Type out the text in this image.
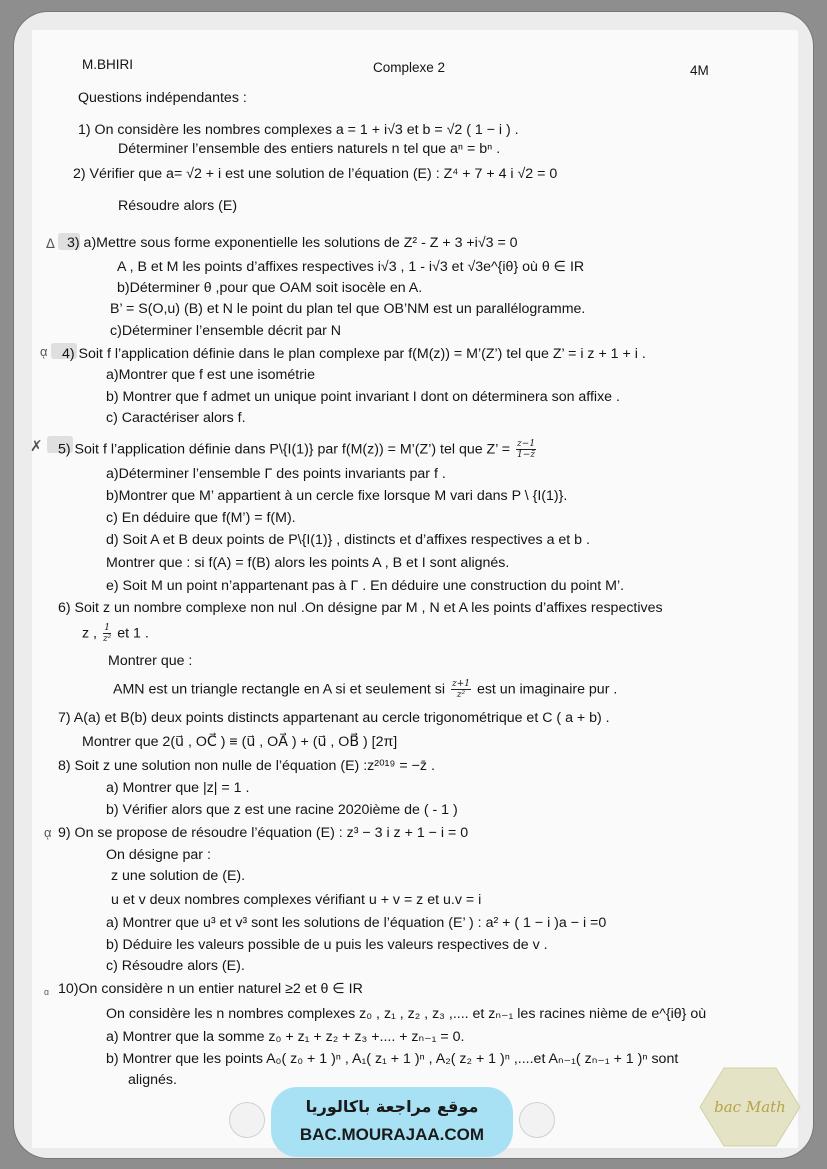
M.BHIRI	Complexe 2	4M
Questions indépendantes :
1) On considère les nombres complexes a = 1 + i√3 et b = √2 ( 1 − i ) .
Déterminer l’ensemble des entiers naturels n tel que aⁿ = bⁿ .
2) Vérifier que a= √2 + i est une solution de l’équation (E) : Z⁴ + 7 + 4 i √2 = 0
Résoudre alors (E)
ᐃ 3) a)Mettre sous forme exponentielle les solutions de Z² - Z + 3 +i√3 = 0
A , B et M les points d’affixes respectives i√3 , 1 - i√3 et √3e^{iθ} où θ ∈ IR
b)Déterminer θ ,pour que OAM soit isocèle en A.
B’ = S(O,u) (B) et N le point du plan tel que OB’NM est un parallélogramme.
c)Déterminer l’ensemble décrit par N
ᾳ 4) Soit f l’application définie dans le plan complexe par f(M(z)) = M’(Z’) tel que Z’ = i z + 1 + i .
a)Montrer que f est une isométrie
b) Montrer que f admet un unique point invariant I dont on déterminera son affixe .
c) Caractériser alors f.
✗ 5) Soit f l’application définie dans P\{I(1)} par f(M(z)) = M’(Z’) tel que Z’ = $\frac{z-1}{1-z̄}$
a)Déterminer l’ensemble Γ des points invariants par f .
b)Montrer que M’ appartient à un cercle fixe lorsque M vari dans P \ {I(1)}.
c) En déduire que f(M’) = f(M).
d) Soit A et B deux points de P\{I(1)} , distincts et d’affixes respectives a et b .
Montrer que : si f(A) = f(B) alors les points A , B et I sont alignés.
e) Soit M un point n’appartenant pas à Γ . En déduire une construction du point M’.
6) Soit z un nombre complexe non nul .On désigne par M , N et A les points d’affixes respectives
z , $\frac{1}{\text{z²}}$ et 1 .
Montrer que :
AMN est un triangle rectangle en A si et seulement si $\frac{z+1}{\text{z²}}$ est un imaginaire pur .
7) A(a) et B(b) deux points distincts appartenant au cercle trigonométrique et C ( a + b) .
Montrer que 2(u⃗ , OC⃗ ) ≡ (u⃗ , OA⃗ ) + (u⃗ , OB⃗ ) [2π]
8) Soit z une solution non nulle de l’équation (E) :z²⁰¹⁹ = −z̄ .
a) Montrer que |z| = 1 .
b) Vérifier alors que z est une racine 2020ième de ( - 1 )
ᾳ 9) On se propose de résoudre l’équation (E) : z³ − 3 i z + 1 − i = 0
On désigne par :
z une solution de (E).
u et v deux nombres complexes vérifiant u + v = z et u.v = i
a) Montrer que u³ et v³ sont les solutions de l’équation (E’ ) : a² + ( 1 − i )a − i =0
b) Déduire les valeurs possible de u puis les valeurs respectives de v .
c) Résoudre alors (E).
ᵅ 10)On considère n un entier naturel ≥2 et θ ∈ IR
On considère les n nombres complexes z₀ , z₁ , z₂ , z₃ ,.... et zₙ₋₁ les racines nième de e^{iθ} où
a) Montrer que la somme z₀ + z₁ + z₂ + z₃ +.... + zₙ₋₁ = 0.
b) Montrer que les points A₀( z₀ + 1 )ⁿ , A₁( z₁ + 1 )ⁿ , A₂( z₂ + 1 )ⁿ ,....et Aₙ₋₁( zₙ₋₁ + 1 )ⁿ sont
alignés.
موقع مراجعة باكالوريا
BAC.MOURAJAA.COM
bac Math
